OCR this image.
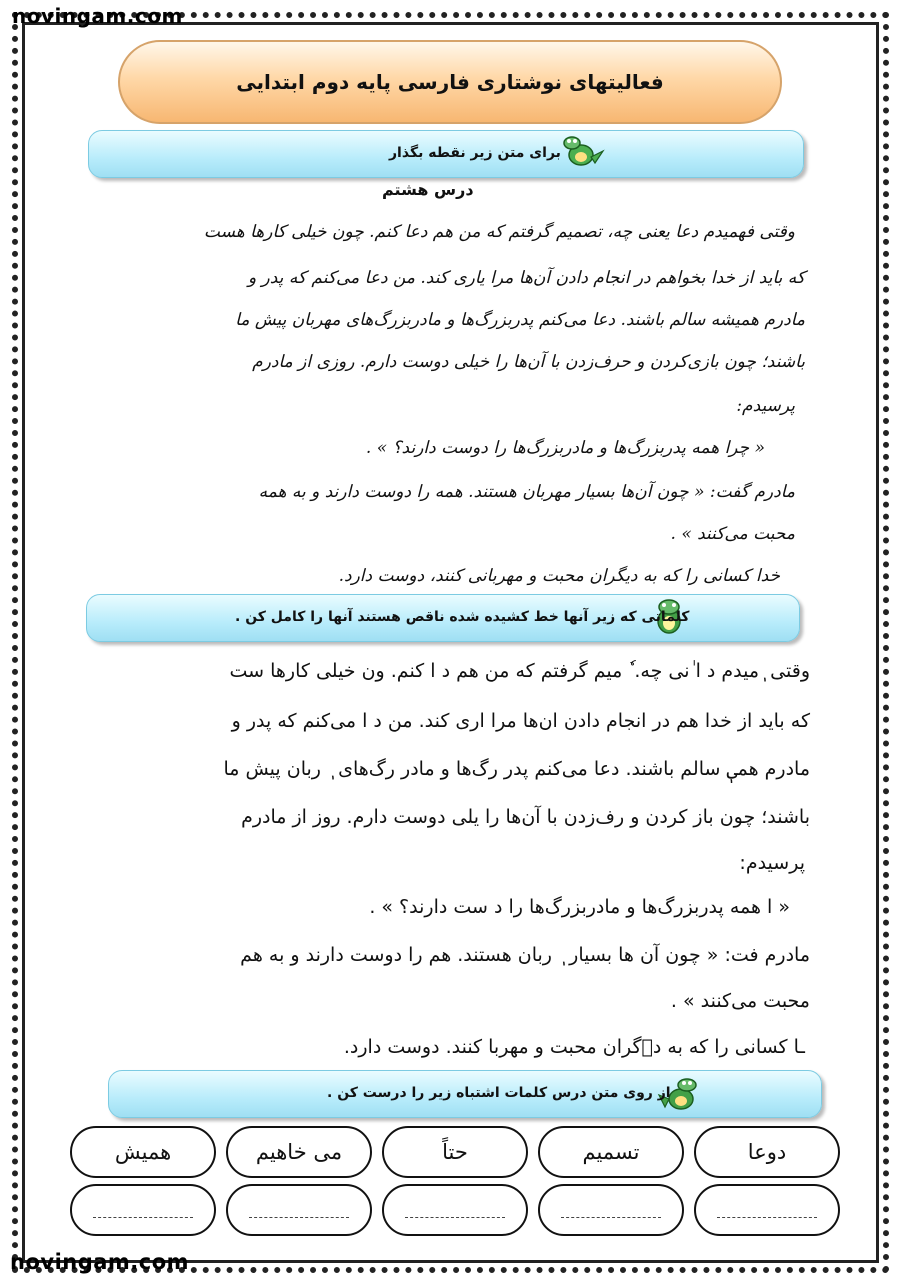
novingam.com
فعالیتهای نوشتاری فارسی پایه دوم ابتدایی
برای متن زیر نقطه بگذار
درس هشتم
وقتی فهمیدم دعا یعنی چه، تصمیم گرفتم که من هم دعا کنم. چون خیلی کارها هست
که باید از خدا بخواهم در انجام دادن آن‌ها مرا یاری کند. من دعا می‌کنم که پدر و
مادرم همیشه سالم باشند. دعا می‌کنم پدربزرگ‌ها و مادربزرگ‌های مهربان پیش ما
باشند؛ چون بازی‌کردن و حرف‌زدن با آن‌ها را خیلی دوست دارم. روزی از مادرم
پرسیدم:
« چرا همه پدربزرگ‌ها و مادربزرگ‌ها را دوست دارند؟ » .
مادرم گفت: « چون آن‌ها بسیار مهربان هستند. همه را دوست دارند و به همه
محبت می‌کنند » .
خدا کسانی را که به دیگران محبت و مهربانی کنند، دوست دارد.
کلماتی که زیر آنها خط کشیده شده ناقص هستند آنها را کامل کن .
وقتی ٖمیدم د ا ٰنی چه. ٗ میم گرفتم که من هم د ا کنم. ون خیلی کارها ست
که باید از خدا هم در انجام دادن ان‌ها مرا اری کند. من د ا می‌کنم که پدر و
مادرم همیٖ سالم باشند. دعا می‌کنم پدر رگ‌ها و مادر رگ‌های ٖ ربان پیش ما
باشند؛ چون باز کردن و رف‌زدن با آن‌ها را یلی دوست دارم. روز از مادرم
پرسیدم:
« ا همه پدربزرگ‌ها و مادربزرگ‌ها را د ست دارند؟ » .
مادرم فت: « چون آن ها بسیار ٖ ربان هستند. هم را دوست دارند و به هم
محبت می‌کنند » .
ـا کسانی را که به دٖگران محبت و مهربا کنند. دوست دارد.
از روی متن درس کلمات اشتباه زیر را درست کن .
دوعا
تسمیم
حتاً
می خاهیم
همیش
novingam.com
